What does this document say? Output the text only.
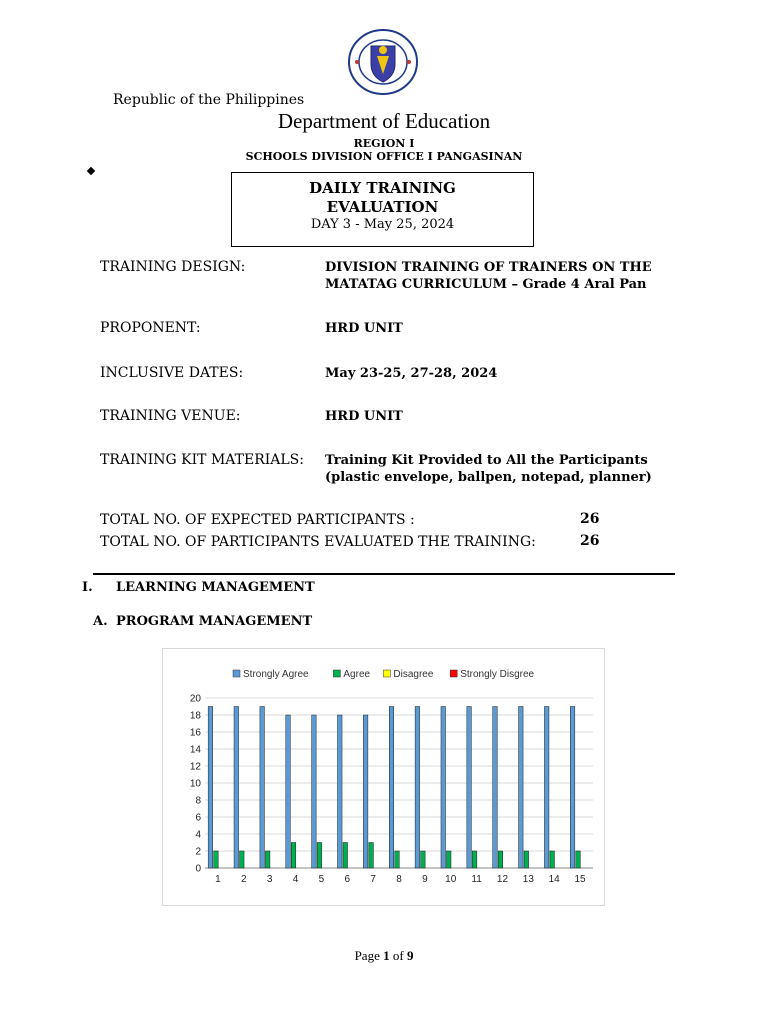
Republic of the Philippines
Department of Education
REGION I
SCHOOLS DIVISION OFFICE I PANGASINAN
DAILY TRAINING
EVALUATION
DAY 3 - May 25, 2024
TRAINING DESIGN:	DIVISION TRAINING OF TRAINERS ON THE
MATATAG CURRICULUM – Grade 4 Aral Pan
PROPONENT:	HRD UNIT
INCLUSIVE DATES:	May 23-25, 27-28, 2024
TRAINING VENUE:	HRD UNIT
TRAINING KIT MATERIALS: Training Kit Provided to All the Participants
(plastic envelope, ballpen, notepad, planner)
TOTAL NO. OF EXPECTED PARTICIPANTS :	26
TOTAL NO. OF PARTICIPANTS EVALUATED THE TRAINING:	26
I. LEARNING MANAGEMENT
A. PROGRAM MANAGEMENT
Strongly Agree	Agree Disagree	Strongly Disgree
0
2
4
6
8
10
12
14
16
18
20
1 2 3 4 5 6 7 8 9 10 11 12 13 14 15
Page 1 of 9
